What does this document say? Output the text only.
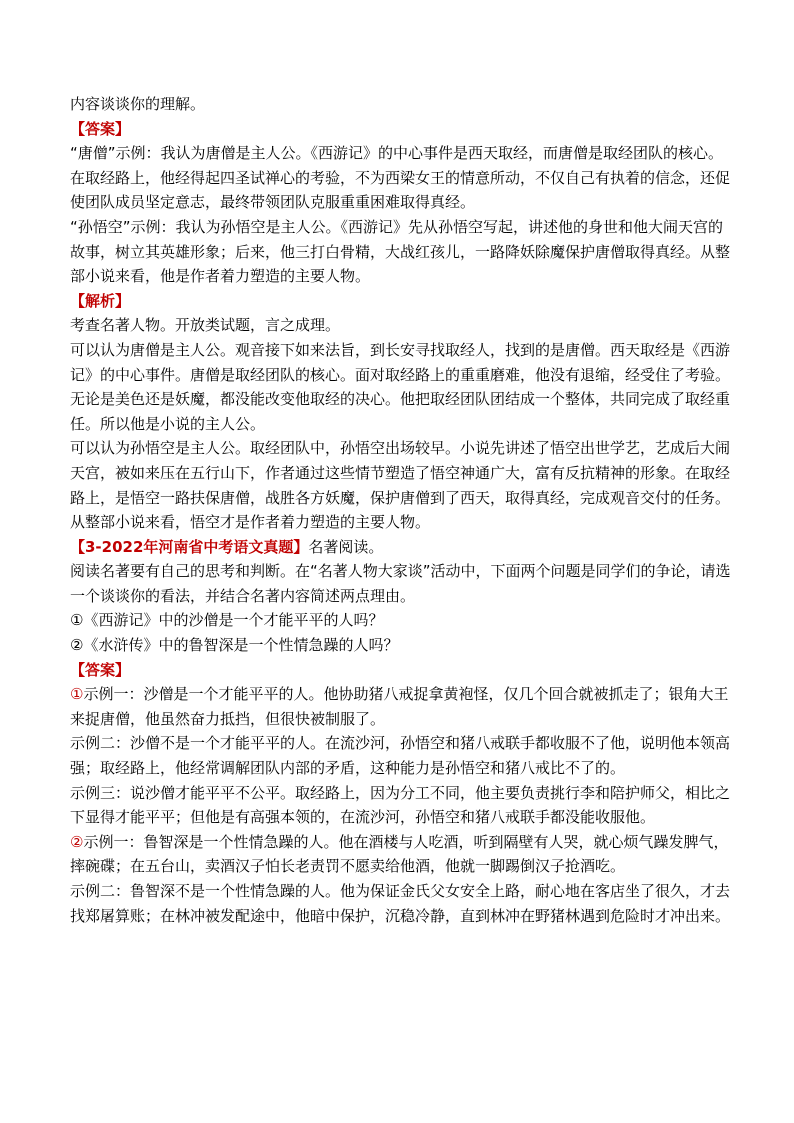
内容谈谈你的理解。

【答案】

“唐僧”示例：我认为唐僧是主人公。《西游记》的中心事件是西天取经，而唐僧是取经团队的核心。在取经路上，他经得起四圣试禅心的考验，不为西梁女王的情意所动，不仅自己有执着的信念，还促使团队成员坚定意志，最终带领团队克服重重困难取得真经。

“孙悟空”示例：我认为孙悟空是主人公。《西游记》先从孙悟空写起，讲述他的身世和他大闹天宫的故事，树立其英雄形象；后来，他三打白骨精，大战红孩儿，一路降妖除魔保护唐僧取得真经。从整部小说来看，他是作者着力塑造的主要人物。

【解析】

考查名著人物。开放类试题，言之成理。

可以认为唐僧是主人公。观音接下如来法旨，到长安寻找取经人，找到的是唐僧。西天取经是《西游记》的中心事件。唐僧是取经团队的核心。面对取经路上的重重磨难，他没有退缩，经受住了考验。无论是美色还是妖魔，都没能改变他取经的决心。他把取经团队团结成一个整体，共同完成了取经重任。所以他是小说的主人公。

可以认为孙悟空是主人公。取经团队中，孙悟空出场较早。小说先讲述了悟空出世学艺，艺成后大闹天宫，被如来压在五行山下，作者通过这些情节塑造了悟空神通广大，富有反抗精神的形象。在取经路上，是悟空一路扶保唐僧，战胜各方妖魔，保护唐僧到了西天，取得真经，完成观音交付的任务。从整部小说来看，悟空才是作者着力塑造的主要人物。

【3-2022年河南省中考语文真题】名著阅读。

阅读名著要有自己的思考和判断。在“名著人物大家谈”活动中，下面两个问题是同学们的争论，请选一个谈谈你的看法，并结合名著内容简述两点理由。

①《西游记》中的沙僧是一个才能平平的人吗？

②《水浒传》中的鲁智深是一个性情急躁的人吗？

【答案】

①示例一：沙僧是一个才能平平的人。他协助猪八戒捉拿黄袍怪，仅几个回合就被抓走了；银角大王来捉唐僧，他虽然奋力抵挡，但很快被制服了。

示例二：沙僧不是一个才能平平的人。在流沙河，孙悟空和猪八戒联手都收服不了他，说明他本领高强；取经路上，他经常调解团队内部的矛盾，这种能力是孙悟空和猪八戒比不了的。

示例三：说沙僧才能平平不公平。取经路上，因为分工不同，他主要负责挑行李和陪护师父，相比之下显得才能平平；但他是有高强本领的，在流沙河，孙悟空和猪八戒联手都没能收服他。

②示例一：鲁智深是一个性情急躁的人。他在酒楼与人吃酒，听到隔壁有人哭，就心烦气躁发脾气，摔碗碟；在五台山，卖酒汉子怕长老责罚不愿卖给他酒，他就一脚踢倒汉子抢酒吃。

示例二：鲁智深不是一个性情急躁的人。他为保证金氏父女安全上路，耐心地在客店坐了很久，才去找郑屠算账；在林冲被发配途中，他暗中保护，沉稳冷静，直到林冲在野猪林遇到危险时才冲出来。
